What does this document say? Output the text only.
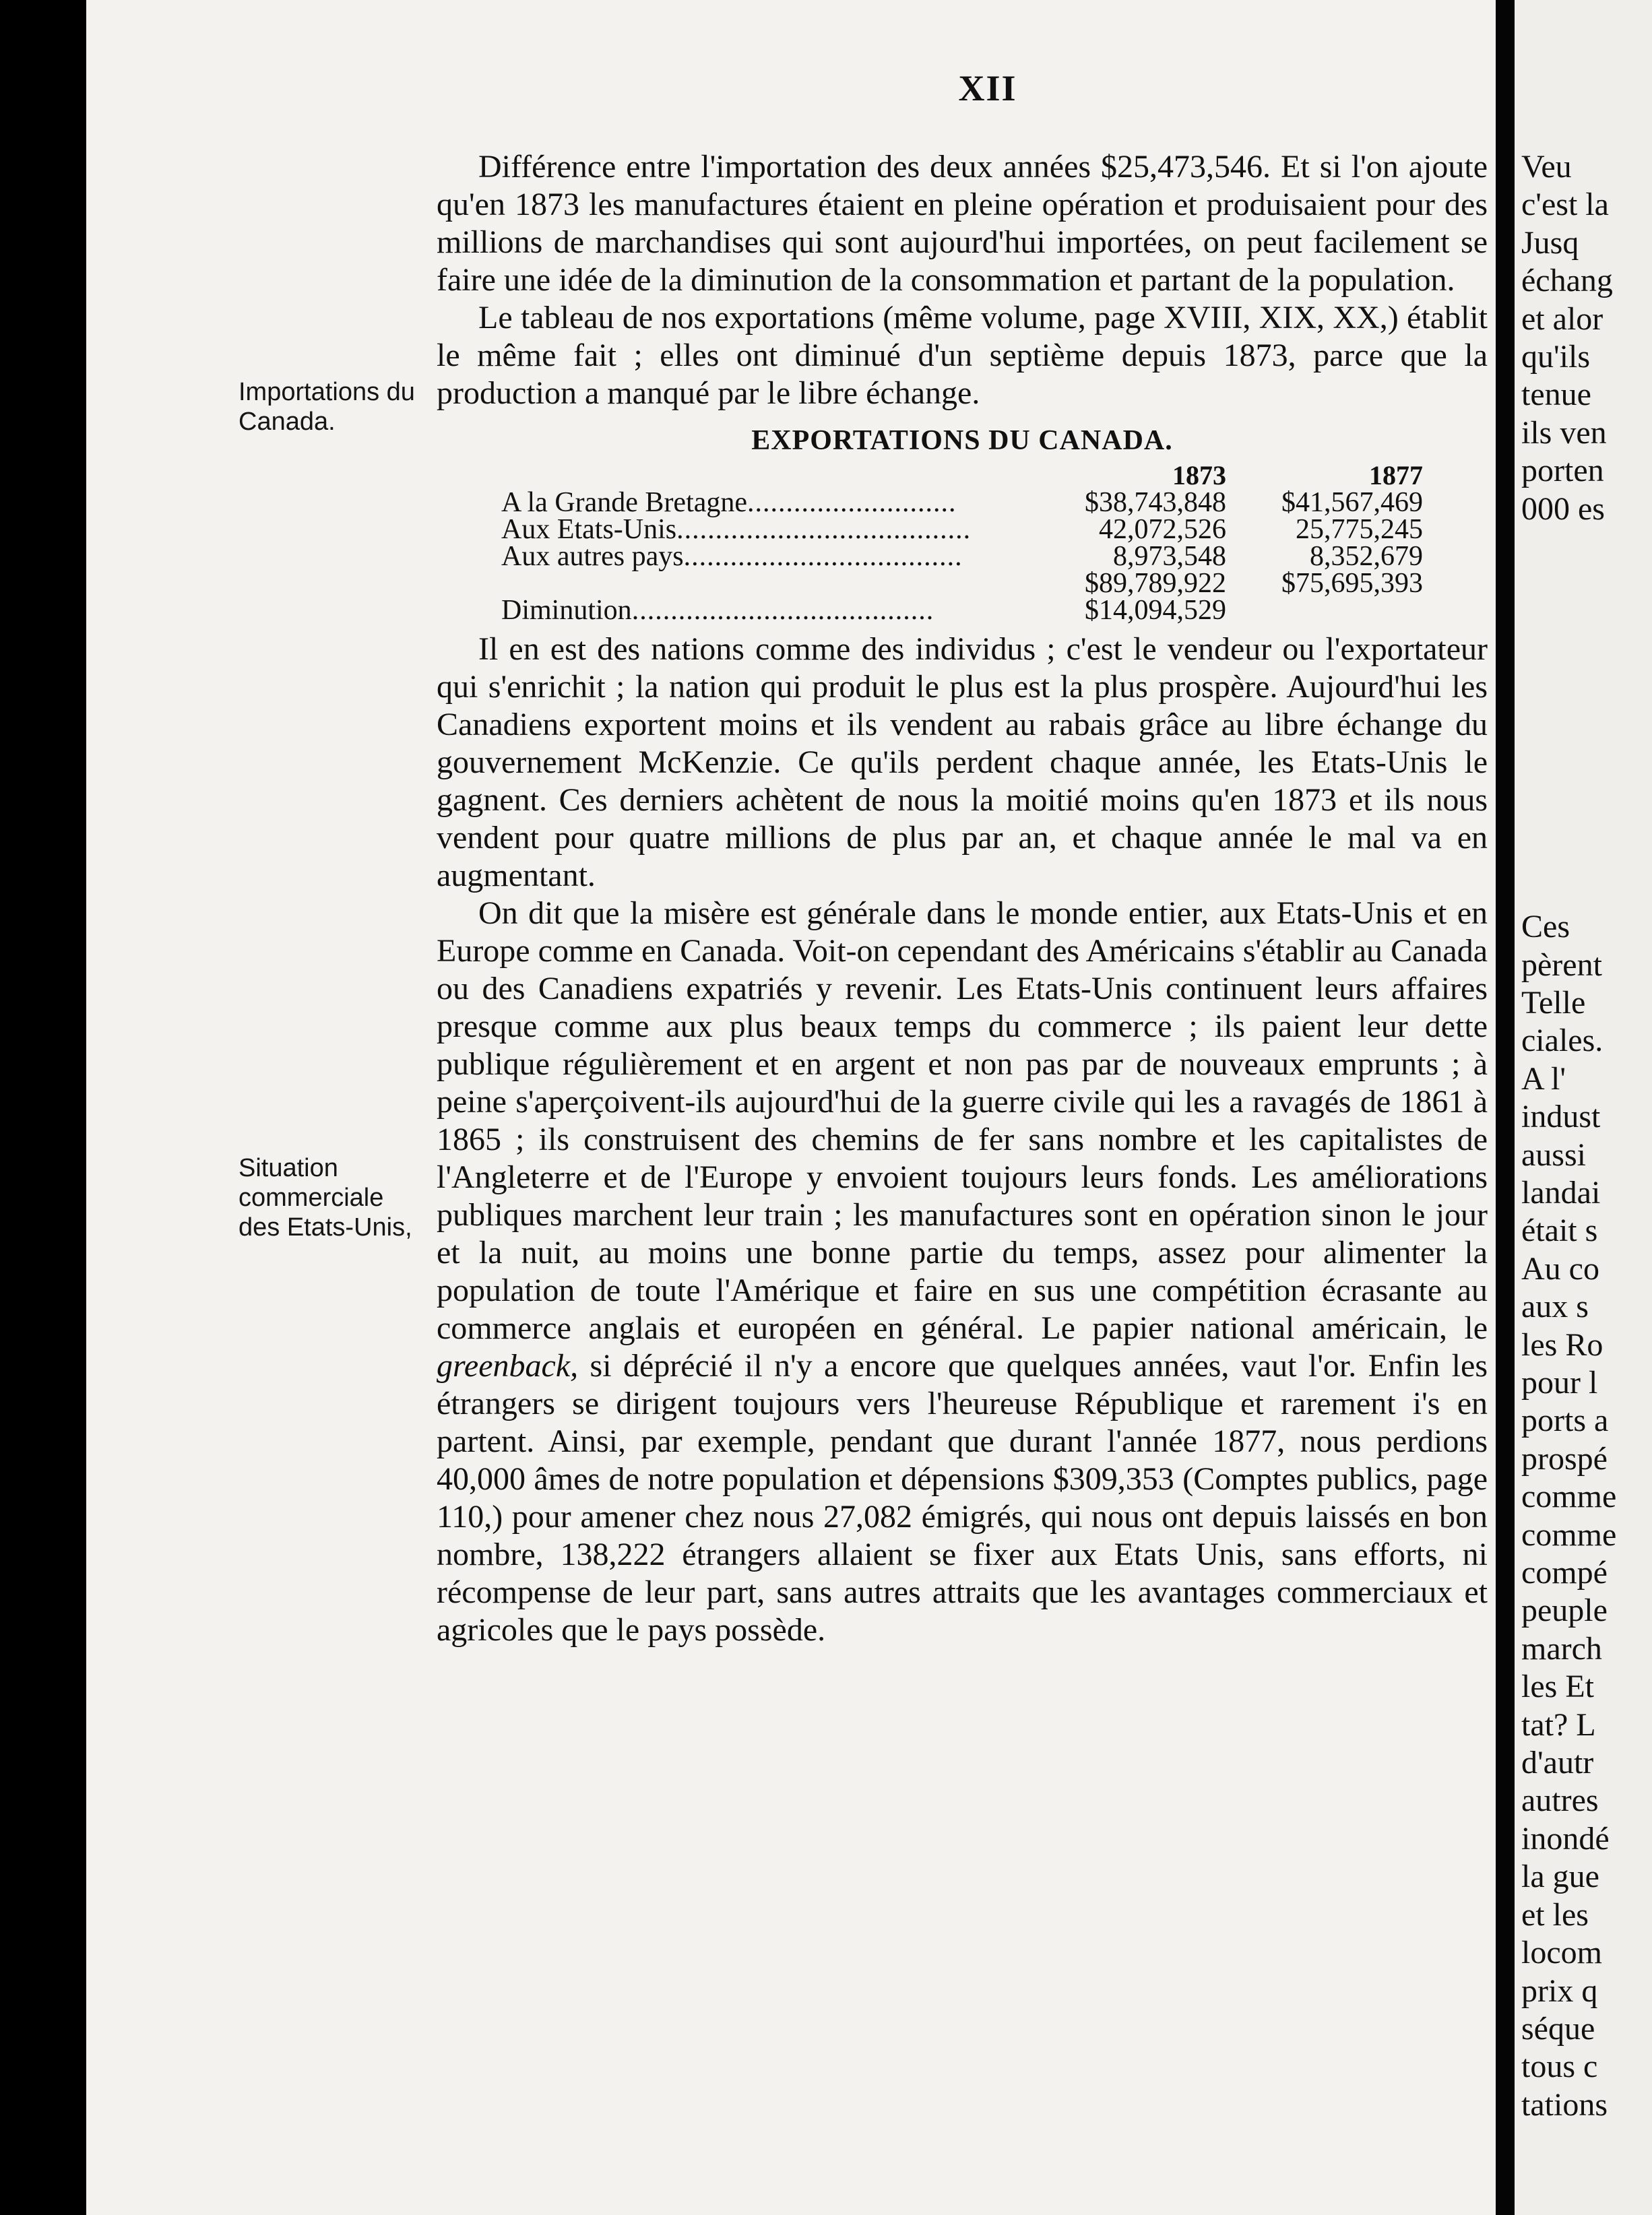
Veu
c'est la
Jusq
échang
et alor
qu'ils
tenue
ils ven
porten
000 es

Ces
pèrent
Telle
ciales.
A l'
indust
aussi
landai
était s
Au co
aux s
les Ro
pour l
ports a
prospé
comme
comme
compé
peuple
march
les Et
tat? L
d'autr
autres
inondé
la gue
et les
locom
prix q
séque
tous c
tations
XII
Importations du Canada.
Situation commerciale des Etats-Unis,

Différence entre l'importation des deux années $25,473,546. Et si l'on ajoute qu'en 1873 les manufactures étaient en pleine opération et produisaient pour des millions de marchandises qui sont aujourd'hui importées, on peut facilement se faire une idée de la diminution de la consommation et partant de la population.

Le tableau de nos exportations (même volume, page XVIII, XIX, XX,) établit le même fait ; elles ont diminué d'un septième depuis 1873, parce que la production a manqué par le libre échange.

EXPORTATIONS DU CANADA.
	1873	1877
A la Grande Bretagne...........................	$38,743,848	$41,567,469
Aux Etats-Unis......................................	42,072,526	25,775,245
Aux autres pays....................................	8,973,548	8,352,679
	$89,789,922	$75,695,393
Diminution.......................................	$14,094,529	

Il en est des nations comme des individus ; c'est le vendeur ou l'exportateur qui s'enrichit ; la nation qui produit le plus est la plus prospère. Aujourd'hui les Canadiens exportent moins et ils vendent au rabais grâce au libre échange du gouvernement McKenzie. Ce qu'ils perdent chaque année, les Etats-Unis le gagnent. Ces derniers achètent de nous la moitié moins qu'en 1873 et ils nous vendent pour quatre millions de plus par an, et chaque année le mal va en augmentant.

On dit que la misère est générale dans le monde entier, aux Etats-Unis et en Europe comme en Canada. Voit-on cependant des Américains s'établir au Canada ou des Canadiens expatriés y revenir. Les Etats-Unis continuent leurs affaires presque comme aux plus beaux temps du commerce ; ils paient leur dette publique régulièrement et en argent et non pas par de nouveaux emprunts ; à peine s'aperçoivent-ils aujourd'hui de la guerre civile qui les a ravagés de 1861 à 1865 ; ils construisent des chemins de fer sans nombre et les capitalistes de l'Angleterre et de l'Europe y envoient toujours leurs fonds. Les améliorations publiques marchent leur train ; les manufactures sont en opération sinon le jour et la nuit, au moins une bonne partie du temps, assez pour alimenter la population de toute l'Amérique et faire en sus une compétition écrasante au commerce anglais et européen en général. Le papier national américain, le greenback, si déprécié il n'y a encore que quelques années, vaut l'or. Enfin les étrangers se dirigent toujours vers l'heureuse République et rarement i's en partent. Ainsi, par exemple, pendant que durant l'année 1877, nous perdions 40,000 âmes de notre population et dépensions $309,353 (Comptes publics, page 110,) pour amener chez nous 27,082 émigrés, qui nous ont depuis laissés en bon nombre, 138,222 étrangers allaient se fixer aux Etats Unis, sans efforts, ni récompense de leur part, sans autres attraits que les avantages commerciaux et agricoles que le pays possède.
